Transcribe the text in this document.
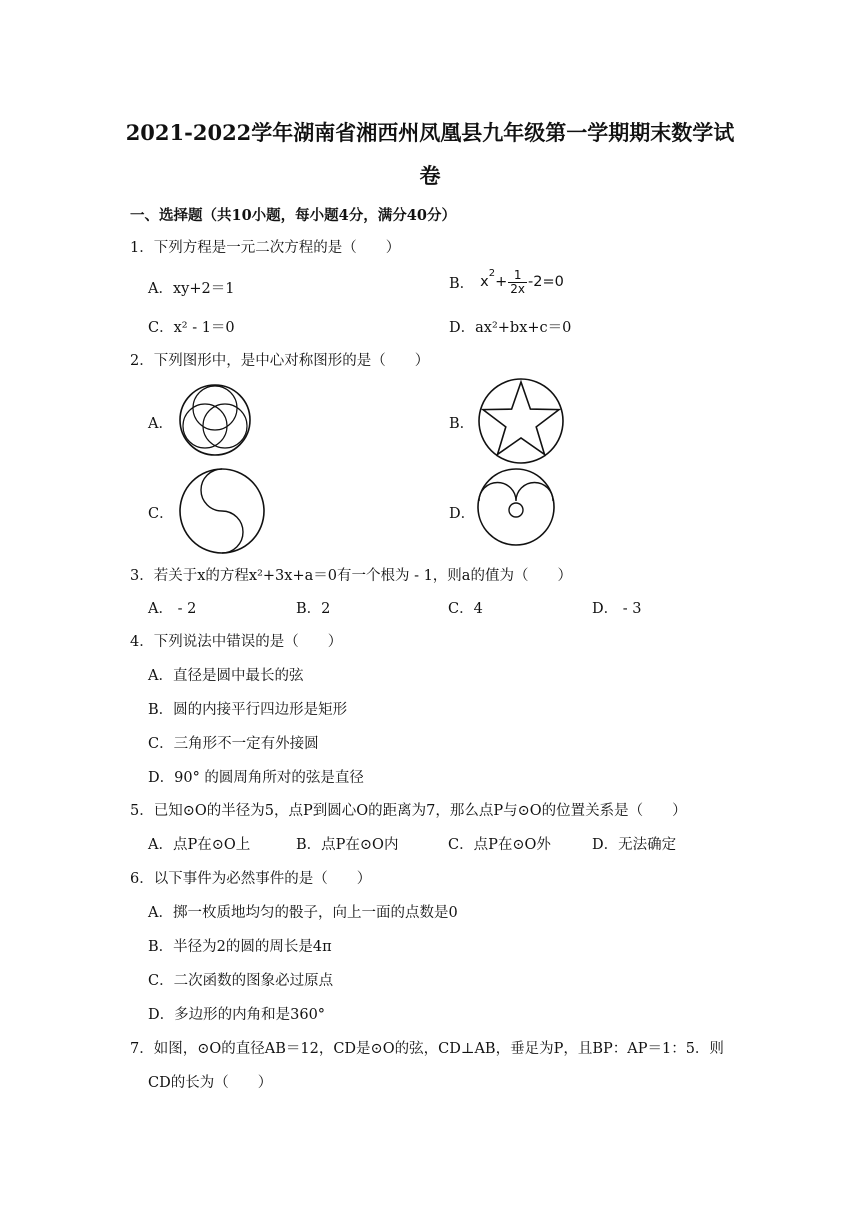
2021-2022学年湖南省湘西州凤凰县九年级第一学期期末数学试
卷
一、选择题（共10小题，每小题4分，满分40分）
1．下列方程是一元二次方程的是（　　）
A．xy+2＝1	B． $x^2+ \frac{1}{2x} -2=0$
C．x² - 1＝0	D．ax²+bx+c＝0
2．下列图形中，是中心对称图形的是（　　）
A．	B．
C．	D．
3．若关于x的方程x²+3x+a＝0有一个根为 - 1，则a的值为（　　）
A． - 2	B．2	C．4	D． - 3
4．下列说法中错误的是（　　）
A．直径是圆中最长的弦
B．圆的内接平行四边形是矩形
C．三角形不一定有外接圆
D．90° 的圆周角所对的弦是直径
5．已知⊙O的半径为5，点P到圆心O的距离为7，那么点P与⊙O的位置关系是（　　）
A．点P在⊙O上	B．点P在⊙O内	C．点P在⊙O外	D．无法确定
6．以下事件为必然事件的是（　　）
A．掷一枚质地均匀的骰子，向上一面的点数是0
B．半径为2的圆的周长是4π
C．二次函数的图象必过原点
D．多边形的内角和是360°
7．如图，⊙O的直径AB＝12，CD是⊙O的弦，CD⊥AB，垂足为P，且BP：AP＝1：5．则
CD的长为（　　）
